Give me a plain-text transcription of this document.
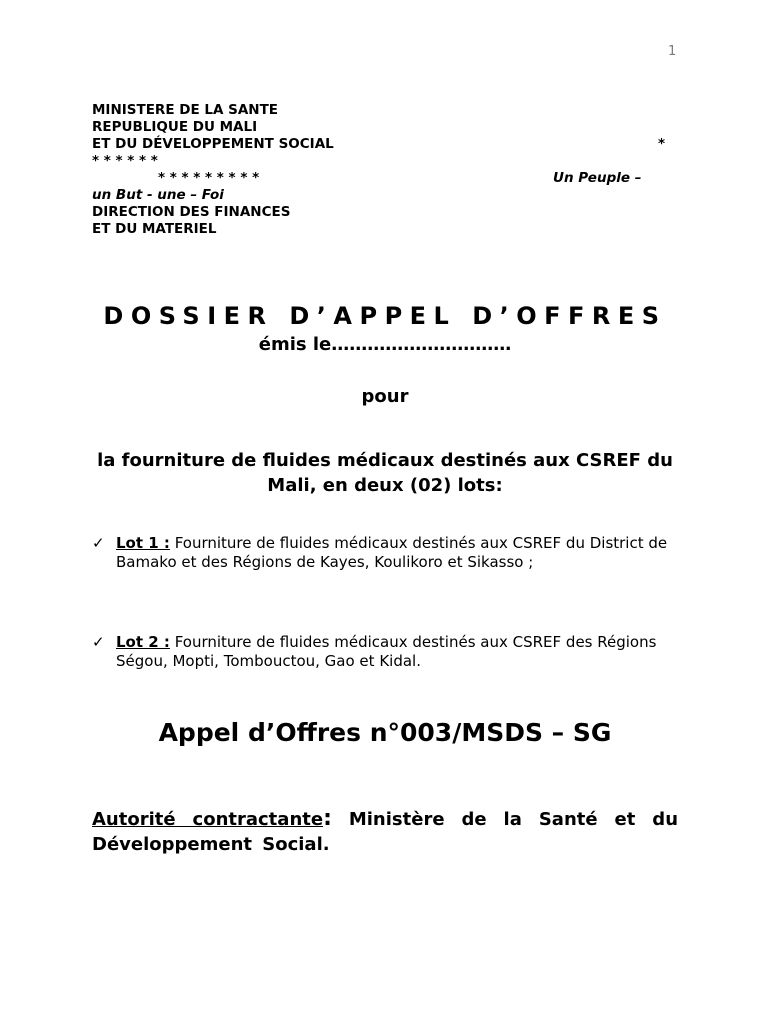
1
MINISTERE DE LA SANTE
REPUBLIQUE DU MALI
ET DU DÉVELOPPEMENT SOCIAL	*
* * * * * *
* * * * * * * * *	Un Peuple –
un But - une – Foi
DIRECTION DES FINANCES
ET DU MATERIEL
DOSSIER D’APPEL D’OFFRES
émis le…………………………
pour
la fourniture de fluides médicaux destinés aux CSREF du Mali, en deux (02) lots:
✓ Lot 1 : Fourniture de fluides médicaux destinés aux CSREF du District de Bamako et des Régions de Kayes, Koulikoro et Sikasso ;
✓ Lot 2 : Fourniture de fluides médicaux destinés aux CSREF des Régions Ségou, Mopti, Tombouctou, Gao et Kidal.
Appel d’Offres n°003/MSDS – SG
Autorité contractante: Ministère de la Santé et du Développement Social.
